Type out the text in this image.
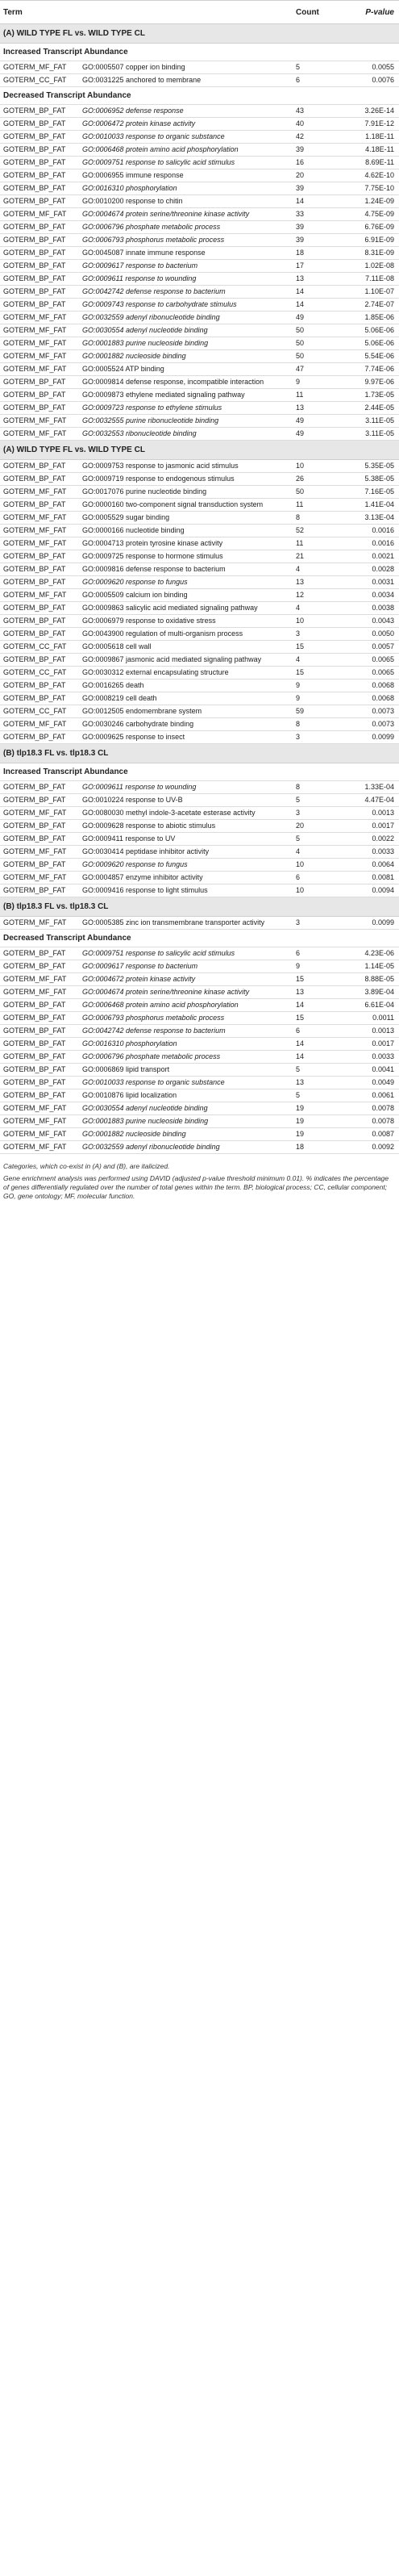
Term		Count	P-value
(A) WILD TYPE FL vs. WILD TYPE CL			
Increased Transcript Abundance			
GOTERM_MF_FAT	GO:0005507 copper ion binding	5	0.0055
GOTERM_CC_FAT	GO:0031225 anchored to membrane	6	0.0076
Decreased Transcript Abundance			
GOTERM_BP_FAT	GO:0006952 defense response	43	3.26E-14
GOTERM_BP_FAT	GO:0006472 protein kinase activity	40	7.91E-12
GOTERM_BP_FAT	GO:0010033 response to organic substance	42	1.18E-11
GOTERM_BP_FAT	GO:0006468 protein amino acid phosphorylation	39	4.18E-11
GOTERM_BP_FAT	GO:0009751 response to salicylic acid stimulus	16	8.69E-11
GOTERM_BP_FAT	GO:0006955 immune response	20	4.62E-10
GOTERM_BP_FAT	GO:0016310 phosphorylation	39	7.75E-10
GOTERM_BP_FAT	GO:0010200 response to chitin	14	1.24E-09
GOTERM_MF_FAT	GO:0004674 protein serine/threonine kinase activity	33	4.75E-09
GOTERM_BP_FAT	GO:0006796 phosphate metabolic process	39	6.76E-09
GOTERM_BP_FAT	GO:0006793 phosphorus metabolic process	39	6.91E-09
GOTERM_BP_FAT	GO:0045087 innate immune response	18	8.31E-09
GOTERM_BP_FAT	GO:0009617 response to bacterium	17	1.02E-08
GOTERM_BP_FAT	GO:0009611 response to wounding	13	7.11E-08
GOTERM_BP_FAT	GO:0042742 defense response to bacterium	14	1.10E-07
GOTERM_BP_FAT	GO:0009743 response to carbohydrate stimulus	14	2.74E-07
GOTERM_MF_FAT	GO:0032559 adenyl ribonucleotide binding	49	1.85E-06
GOTERM_MF_FAT	GO:0030554 adenyl nucleotide binding	50	5.06E-06
GOTERM_MF_FAT	GO:0001883 purine nucleoside binding	50	5.06E-06
GOTERM_MF_FAT	GO:0001882 nucleoside binding	50	5.54E-06
GOTERM_MF_FAT	GO:0005524 ATP binding	47	7.74E-06
GOTERM_BP_FAT	GO:0009814 defense response, incompatible interaction	9	9.97E-06
GOTERM_BP_FAT	GO:0009873 ethylene mediated signaling pathway	11	1.73E-05
GOTERM_BP_FAT	GO:0009723 response to ethylene stimulus	13	2.44E-05
GOTERM_MF_FAT	GO:0032555 purine ribonucleotide binding	49	3.11E-05
GOTERM_MF_FAT	GO:0032553 ribonucleotide binding	49	3.11E-05
(A) WILD TYPE FL vs. WILD TYPE CL			
GOTERM_BP_FAT	GO:0009753 response to jasmonic acid stimulus	10	5.35E-05
GOTERM_BP_FAT	GO:0009719 response to endogenous stimulus	26	5.38E-05
GOTERM_MF_FAT	GO:0017076 purine nucleotide binding	50	7.16E-05
GOTERM_BP_FAT	GO:0000160 two-component signal transduction system	11	1.41E-04
GOTERM_MF_FAT	GO:0005529 sugar binding	8	3.13E-04
GOTERM_MF_FAT	GO:0000166 nucleotide binding	52	0.0016
GOTERM_MF_FAT	GO:0004713 protein tyrosine kinase activity	11	0.0016
GOTERM_BP_FAT	GO:0009725 response to hormone stimulus	21	0.0021
GOTERM_BP_FAT	GO:0009816 defense response to bacterium	4	0.0028
GOTERM_BP_FAT	GO:0009620 response to fungus	13	0.0031
GOTERM_MF_FAT	GO:0005509 calcium ion binding	12	0.0034
GOTERM_BP_FAT	GO:0009863 salicylic acid mediated signaling pathway	4	0.0038
GOTERM_BP_FAT	GO:0006979 response to oxidative stress	10	0.0043
GOTERM_BP_FAT	GO:0043900 regulation of multi-organism process	3	0.0050
GOTERM_CC_FAT	GO:0005618 cell wall	15	0.0057
GOTERM_BP_FAT	GO:0009867 jasmonic acid mediated signaling pathway	4	0.0065
GOTERM_CC_FAT	GO:0030312 external encapsulating structure	15	0.0065
GOTERM_BP_FAT	GO:0016265 death	9	0.0068
GOTERM_BP_FAT	GO:0008219 cell death	9	0.0068
GOTERM_CC_FAT	GO:0012505 endomembrane system	59	0.0073
GOTERM_MF_FAT	GO:0030246 carbohydrate binding	8	0.0073
GOTERM_BP_FAT	GO:0009625 response to insect	3	0.0099
(B) tlp18.3 FL vs. tlp18.3 CL			
Increased Transcript Abundance			
GOTERM_BP_FAT	GO:0009611 response to wounding	8	1.33E-04
GOTERM_BP_FAT	GO:0010224 response to UV-B	5	4.47E-04
GOTERM_MF_FAT	GO:0080030 methyl indole-3-acetate esterase activity	3	0.0013
GOTERM_BP_FAT	GO:0009628 response to abiotic stimulus	20	0.0017
GOTERM_BP_FAT	GO:0009411 response to UV	5	0.0022
GOTERM_MF_FAT	GO:0030414 peptidase inhibitor activity	4	0.0033
GOTERM_BP_FAT	GO:0009620 response to fungus	10	0.0064
GOTERM_MF_FAT	GO:0004857 enzyme inhibitor activity	6	0.0081
GOTERM_BP_FAT	GO:0009416 response to light stimulus	10	0.0094
(B) tlp18.3 FL vs. tlp18.3 CL			
GOTERM_MF_FAT	GO:0005385 zinc ion transmembrane transporter activity	3	0.0099
Decreased Transcript Abundance			
GOTERM_BP_FAT	GO:0009751 response to salicylic acid stimulus	6	4.23E-06
GOTERM_BP_FAT	GO:0009617 response to bacterium	9	1.14E-05
GOTERM_MF_FAT	GO:0004672 protein kinase activity	15	8.88E-05
GOTERM_MF_FAT	GO:0004674 protein serine/threonine kinase activity	13	3.89E-04
GOTERM_BP_FAT	GO:0006468 protein amino acid phosphorylation	14	6.61E-04
GOTERM_BP_FAT	GO:0006793 phosphorus metabolic process	15	0.0011
GOTERM_BP_FAT	GO:0042742 defense response to bacterium	6	0.0013
GOTERM_BP_FAT	GO:0016310 phosphorylation	14	0.0017
GOTERM_BP_FAT	GO:0006796 phosphate metabolic process	14	0.0033
GOTERM_BP_FAT	GO:0006869 lipid transport	5	0.0041
GOTERM_BP_FAT	GO:0010033 response to organic substance	13	0.0049
GOTERM_BP_FAT	GO:0010876 lipid localization	5	0.0061
GOTERM_MF_FAT	GO:0030554 adenyl nucleotide binding	19	0.0078
GOTERM_MF_FAT	GO:0001883 purine nucleoside binding	19	0.0078
GOTERM_MF_FAT	GO:0001882 nucleoside binding	19	0.0087
GOTERM_MF_FAT	GO:0032559 adenyl ribonucleotide binding	18	0.0092

Categories, which co-exist in (A) and (B), are italicized.

Gene enrichment analysis was performed using DAVID (adjusted p-value threshold minimum 0.01). % indicates the percentage of genes differentially regulated over the number of total genes within the term. BP, biological process; CC, cellular component; GO, gene ontology; MF, molecular function.
